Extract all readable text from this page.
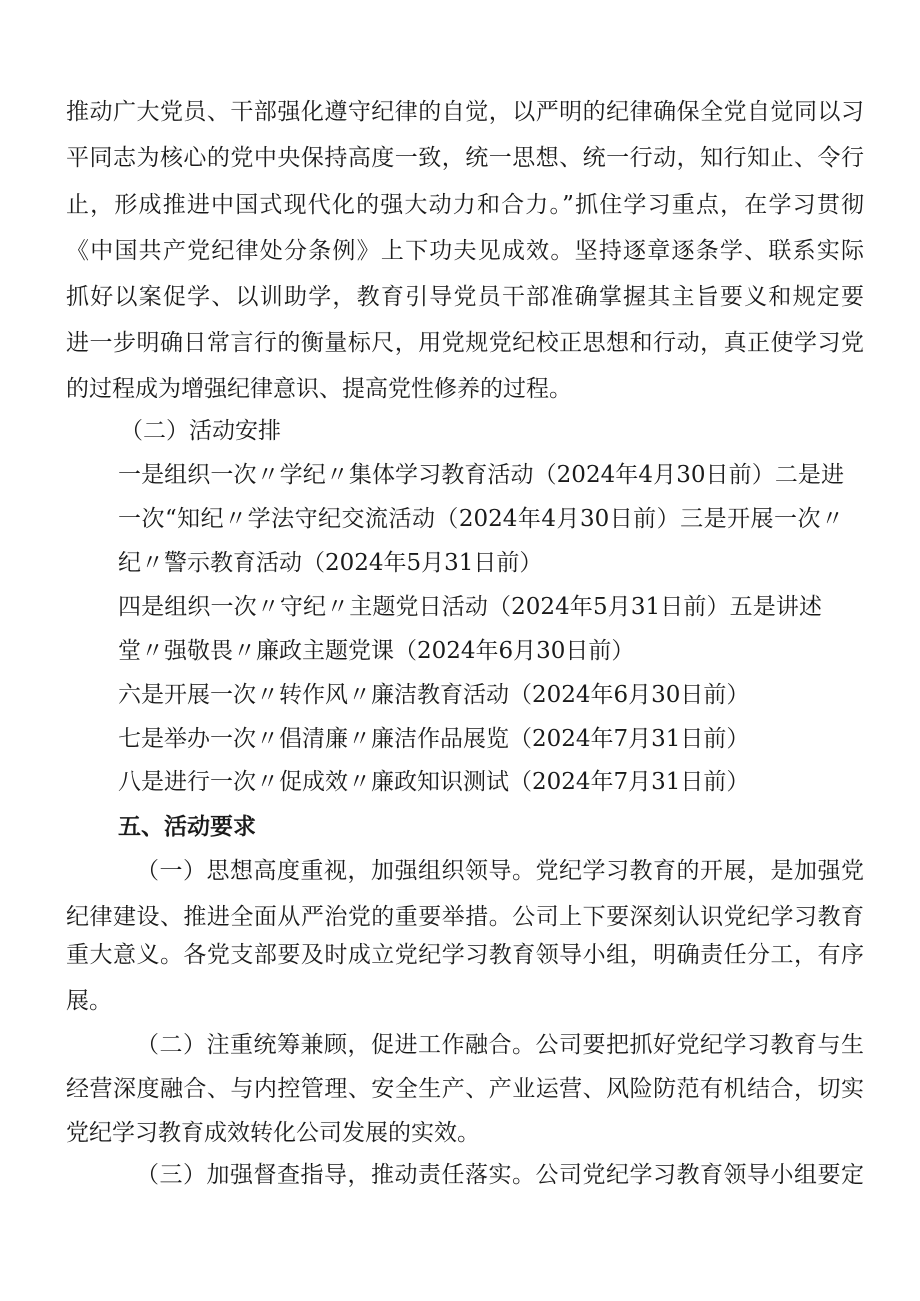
推动广大党员、干部强化遵守纪律的自觉，以严明的纪律确保全党自觉同以习
平同志为核心的党中央保持高度一致，统一思想、统一行动，知行知止、令行
止，形成推进中国式现代化的强大动力和合力。”抓住学习重点，在学习贯彻
《中国共产党纪律处分条例》上下功夫见成效。坚持逐章逐条学、联系实际
抓好以案促学、以训助学，教育引导党员干部准确掌握其主旨要义和规定要
进一步明确日常言行的衡量标尺，用党规党纪校正思想和行动，真正使学习党
的过程成为增强纪律意识、提高党性修养的过程。
（二）活动安排
一是组织一次〃学纪〃集体学习教育活动（2024年4月30日前）二是进
一次“知纪〃学法守纪交流活动（2024年4月30日前）三是开展一次〃
纪〃警示教育活动（2024年5月31日前）
四是组织一次〃守纪〃主题党日活动（2024年5月31日前）五是讲述
堂〃强敬畏〃廉政主题党课（2024年6月30日前）
六是开展一次〃转作风〃廉洁教育活动（2024年6月30日前）
七是举办一次〃倡清廉〃廉洁作品展览（2024年7月31日前）
八是进行一次〃促成效〃廉政知识测试（2024年7月31日前）
五、活动要求
（一）思想高度重视，加强组织领导。党纪学习教育的开展，是加强党
纪律建设、推进全面从严治党的重要举措。公司上下要深刻认识党纪学习教育
重大意义。各党支部要及时成立党纪学习教育领导小组，明确责任分工，有序
展。
（二）注重统筹兼顾，促进工作融合。公司要把抓好党纪学习教育与生
经营深度融合、与内控管理、安全生产、产业运营、风险防范有机结合，切实
党纪学习教育成效转化公司发展的实效。
（三）加强督查指导，推动责任落实。公司党纪学习教育领导小组要定
